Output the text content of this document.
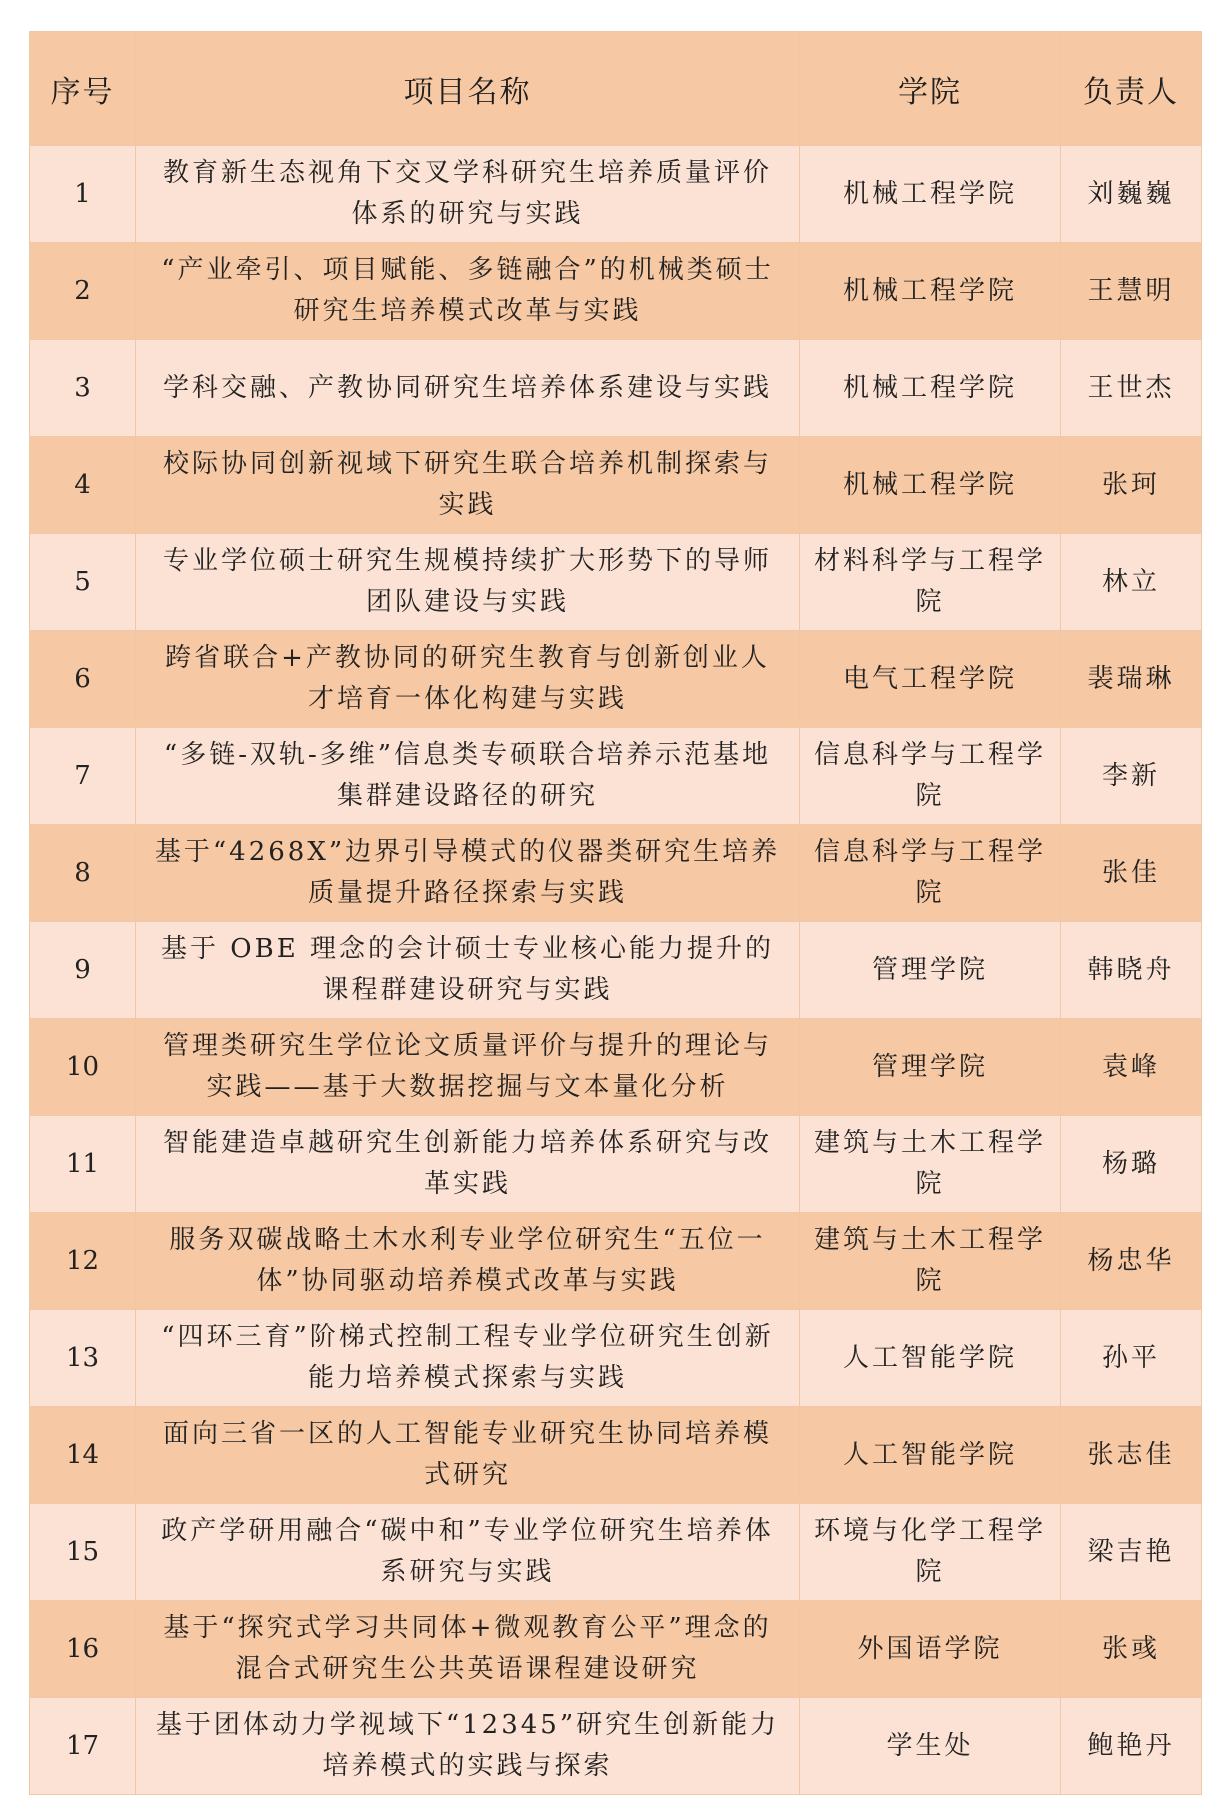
序号	项目名称	学院	负责人
1	教育新生态视角下交叉学科研究生培养质量评价体系的研究与实践	机械工程学院	刘巍巍
2	“产业牵引、项目赋能、多链融合”的机械类硕士研究生培养模式改革与实践	机械工程学院	王慧明
3	学科交融、产教协同研究生培养体系建设与实践	机械工程学院	王世杰
4	校际协同创新视域下研究生联合培养机制探索与实践	机械工程学院	张珂
5	专业学位硕士研究生规模持续扩大形势下的导师团队建设与实践	材料科学与工程学院	林立
6	跨省联合+产教协同的研究生教育与创新创业人才培育一体化构建与实践	电气工程学院	裴瑞琳
7	“多链-双轨-多维”信息类专硕联合培养示范基地集群建设路径的研究	信息科学与工程学院	李新
8	基于“4268X”边界引导模式的仪器类研究生培养质量提升路径探索与实践	信息科学与工程学院	张佳
9	基于 OBE 理念的会计硕士专业核心能力提升的课程群建设研究与实践	管理学院	韩晓舟
10	管理类研究生学位论文质量评价与提升的理论与实践——基于大数据挖掘与文本量化分析	管理学院	袁峰
11	智能建造卓越研究生创新能力培养体系研究与改革实践	建筑与土木工程学院	杨璐
12	服务双碳战略土木水利专业学位研究生“五位一体”协同驱动培养模式改革与实践	建筑与土木工程学院	杨忠华
13	“四环三育”阶梯式控制工程专业学位研究生创新能力培养模式探索与实践	人工智能学院	孙平
14	面向三省一区的人工智能专业研究生协同培养模式研究	人工智能学院	张志佳
15	政产学研用融合“碳中和”专业学位研究生培养体系研究与实践	环境与化学工程学院	梁吉艳
16	基于“探究式学习共同体+微观教育公平”理念的混合式研究生公共英语课程建设研究	外国语学院	张彧
17	基于团体动力学视域下“12345”研究生创新能力培养模式的实践与探索	学生处	鲍艳丹
